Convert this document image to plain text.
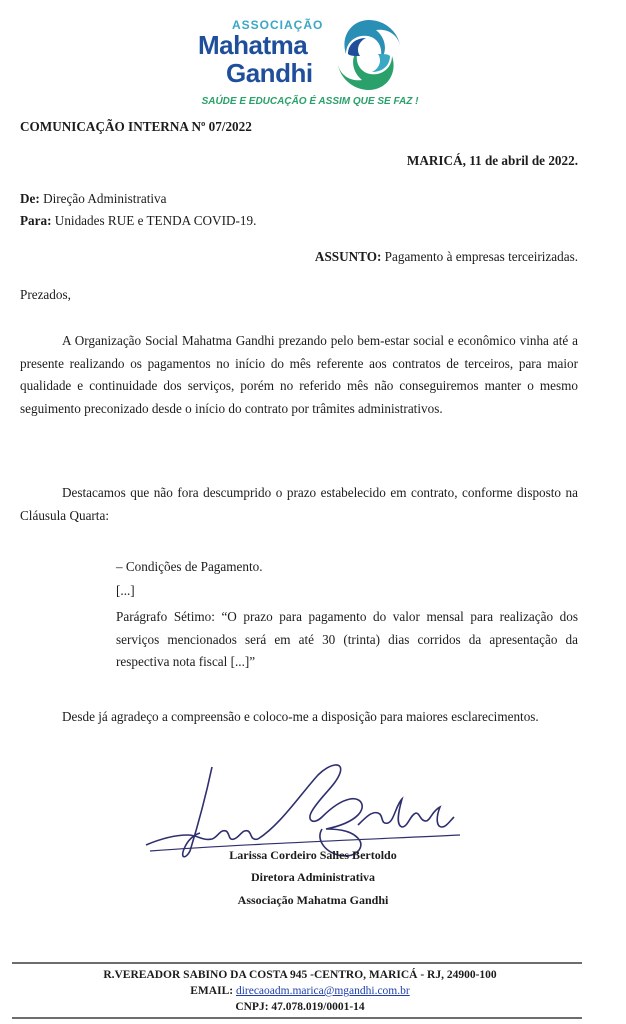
ASSOCIAÇÃO
Mahatma
Gandhi
SAÚDE E EDUCAÇÃO É ASSIM QUE SE FAZ !
COMUNICAÇÃO INTERNA Nº 07/2022
MARICÁ, 11 de abril de 2022.
De: Direção Administrativa
Para: Unidades RUE e TENDA COVID-19.
ASSUNTO: Pagamento à empresas terceirizadas.
Prezados,
A Organização Social Mahatma Gandhi prezando pelo bem-estar social e econômico vinha até a presente realizando os pagamentos no início do mês referente aos contratos de terceiros, para maior qualidade e continuidade dos serviços, porém no referido mês não conseguiremos manter o mesmo seguimento preconizado desde o início do contrato por trâmites administrativos.
Destacamos que não fora descumprido o prazo estabelecido em contrato, conforme disposto na Cláusula Quarta:
– Condições de Pagamento.
[...]
Parágrafo Sétimo: “O prazo para pagamento do valor mensal para realização dos serviços mencionados será em até 30 (trinta) dias corridos da apresentação da respectiva nota fiscal [...]”
Desde já agradeço a compreensão e coloco-me a disposição para maiores esclarecimentos.
Larissa Cordeiro Salles Bertoldo
Diretora Administrativa
Associação Mahatma Gandhi
R.VEREADOR SABINO DA COSTA 945 -CENTRO, MARICÁ - RJ, 24900-100
EMAIL: direcaoadm.marica@mgandhi.com.br
CNPJ: 47.078.019/0001-14
